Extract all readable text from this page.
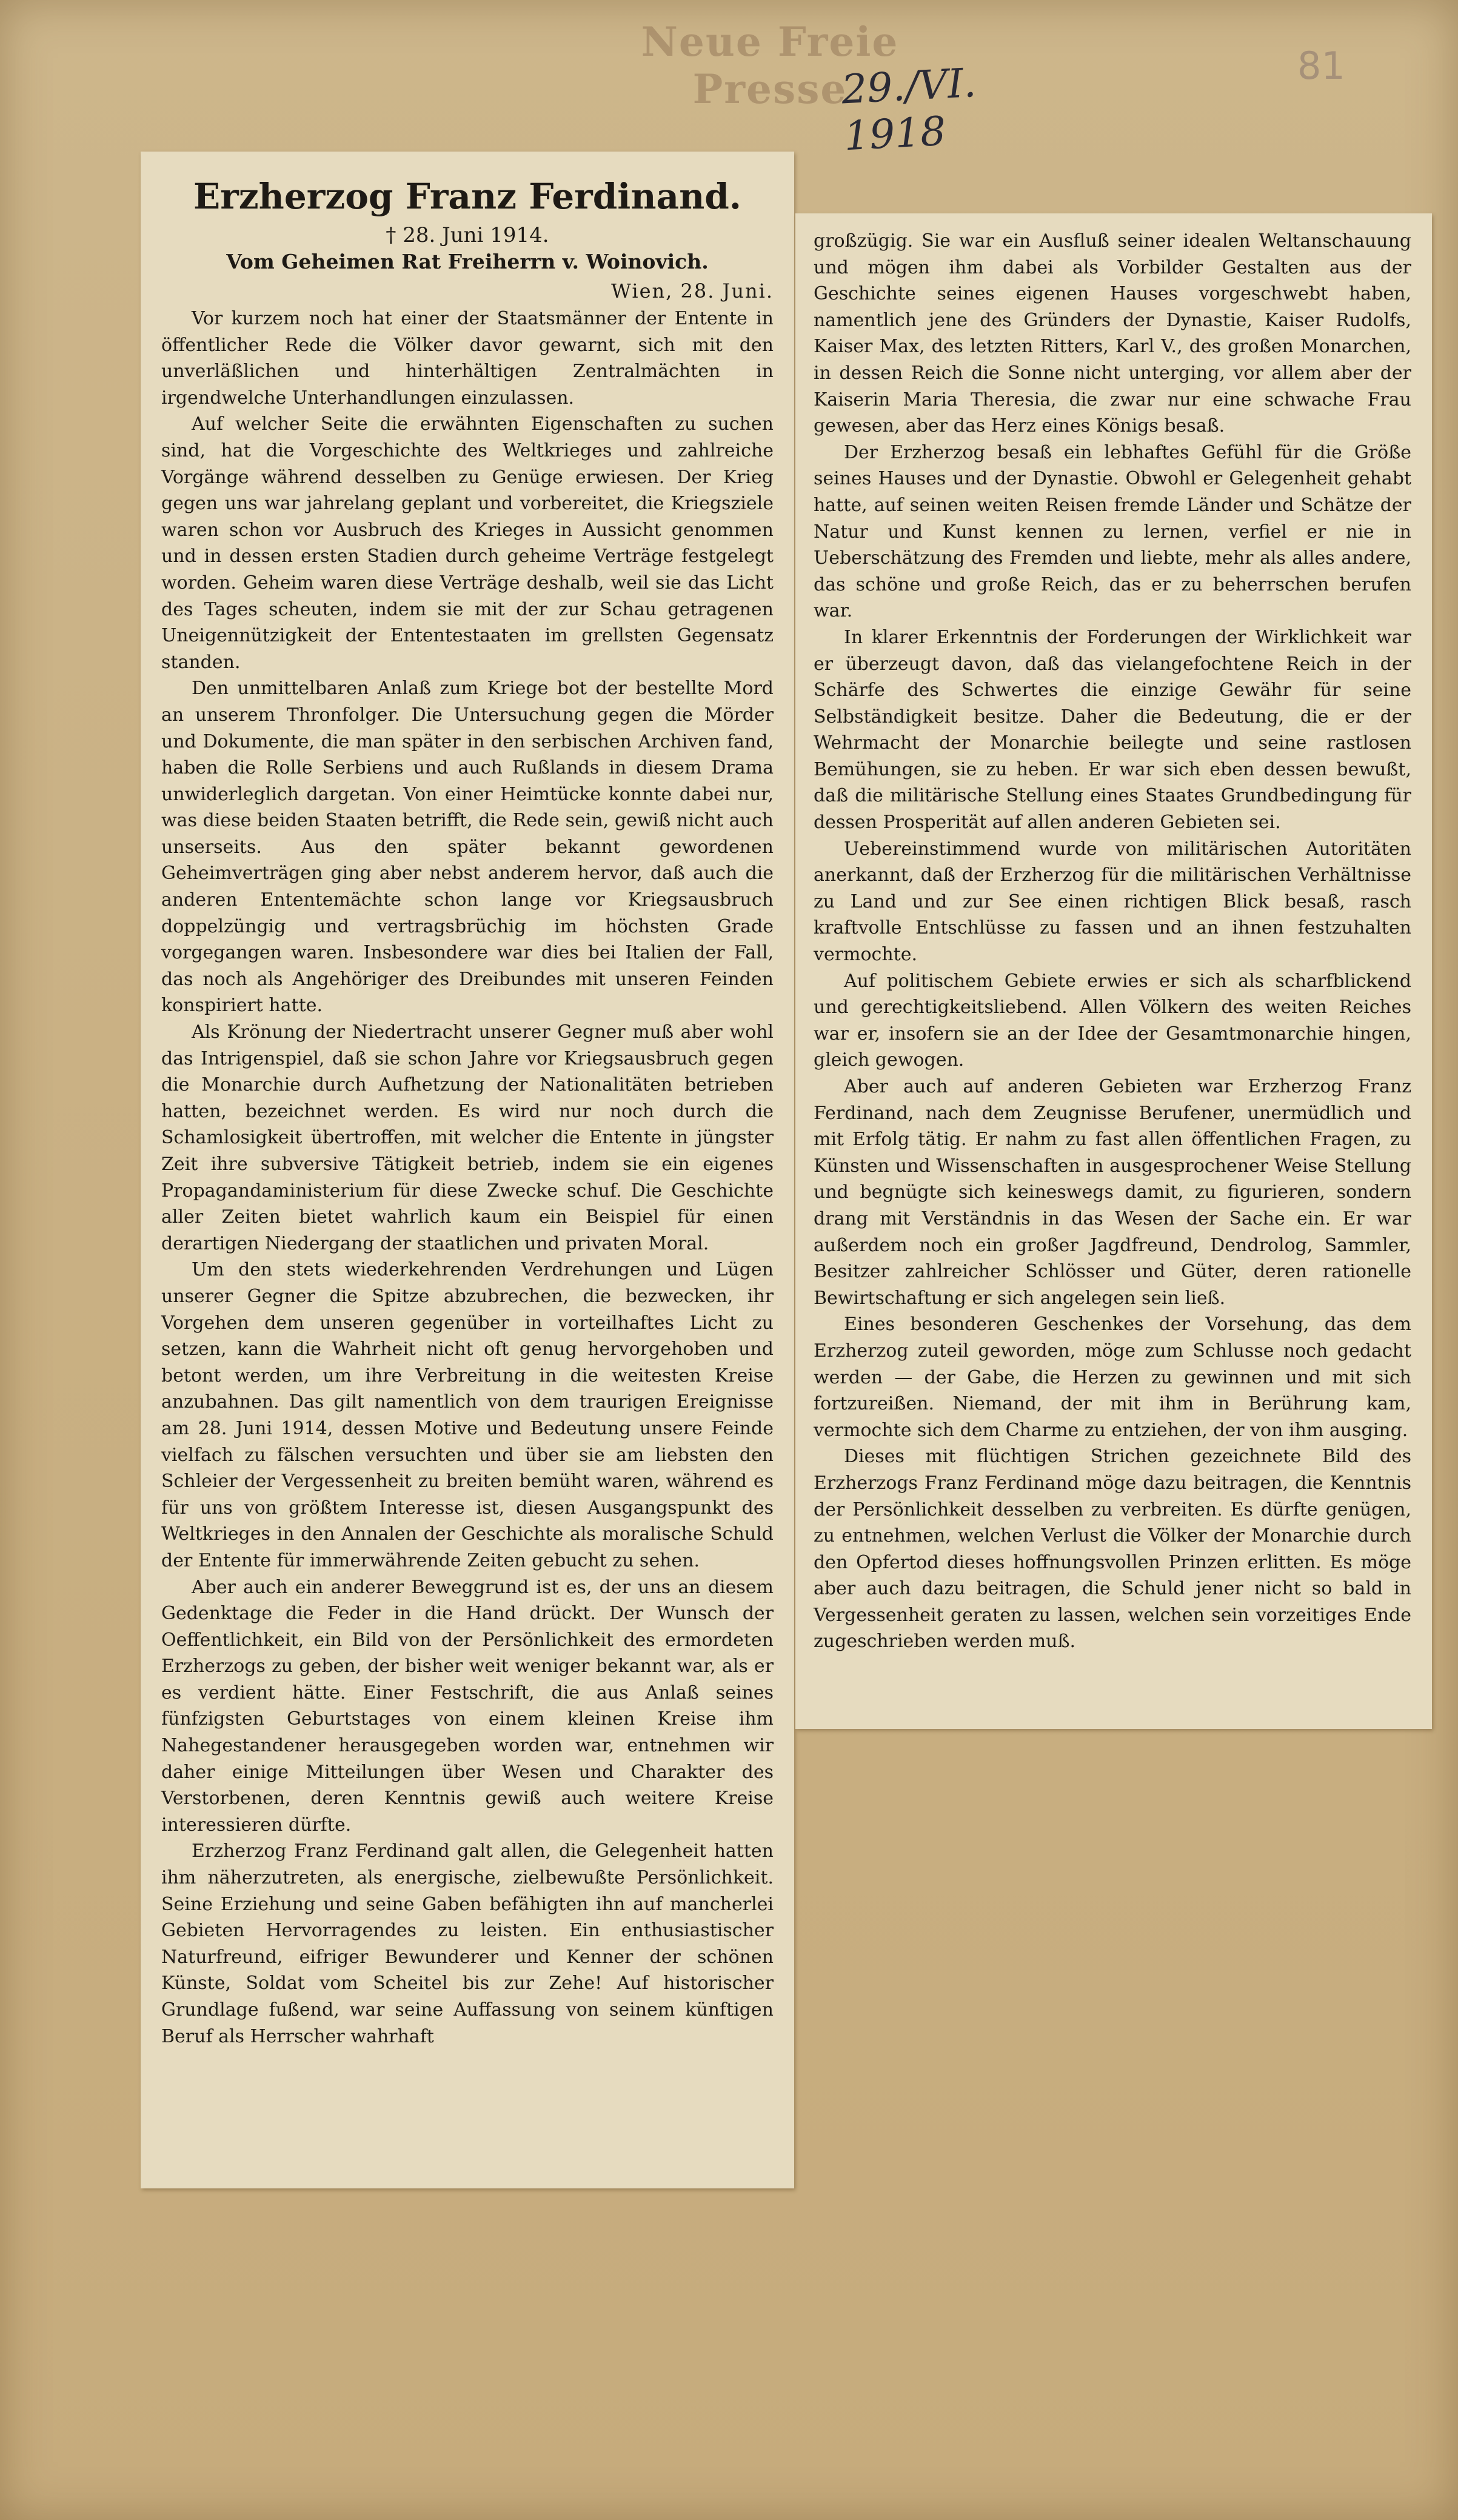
Neue Freie Presse
29./VI. 1918
81
Erzherzog Franz Ferdinand.
† 28. Juni 1914.
Vom Geheimen Rat Freiherrn v. Woinovich.
Wien, 28. Juni.

Vor kurzem noch hat einer der Staatsmänner der Entente in öffentlicher Rede die Völker davor gewarnt, sich mit den unverläßlichen und hinterhältigen Zentralmächten in irgendwelche Unterhandlungen einzulassen.

Auf welcher Seite die erwähnten Eigenschaften zu suchen sind, hat die Vorgeschichte des Weltkrieges und zahlreiche Vorgänge während desselben zu Genüge erwiesen. Der Krieg gegen uns war jahrelang geplant und vorbereitet, die Kriegsziele waren schon vor Ausbruch des Krieges in Aussicht genommen und in dessen ersten Stadien durch geheime Verträge festgelegt worden. Geheim waren diese Verträge deshalb, weil sie das Licht des Tages scheuten, indem sie mit der zur Schau getragenen Uneigennützigkeit der Ententestaaten im grellsten Gegensatz standen.

Den unmittelbaren Anlaß zum Kriege bot der bestellte Mord an unserem Thronfolger. Die Untersuchung gegen die Mörder und Dokumente, die man später in den serbischen Archiven fand, haben die Rolle Serbiens und auch Rußlands in diesem Drama unwiderleglich dargetan. Von einer Heimtücke konnte dabei nur, was diese beiden Staaten betrifft, die Rede sein, gewiß nicht auch unserseits. Aus den später bekannt gewordenen Geheimverträgen ging aber nebst anderem hervor, daß auch die anderen Ententemächte schon lange vor Kriegsausbruch doppelzüngig und vertragsbrüchig im höchsten Grade vorgegangen waren. Insbesondere war dies bei Italien der Fall, das noch als Angehöriger des Dreibundes mit unseren Feinden konspiriert hatte.

Als Krönung der Niedertracht unserer Gegner muß aber wohl das Intrigenspiel, daß sie schon Jahre vor Kriegsausbruch gegen die Monarchie durch Aufhetzung der Nationalitäten betrieben hatten, bezeichnet werden. Es wird nur noch durch die Schamlosigkeit übertroffen, mit welcher die Entente in jüngster Zeit ihre subversive Tätigkeit betrieb, indem sie ein eigenes Propagandaministerium für diese Zwecke schuf. Die Geschichte aller Zeiten bietet wahrlich kaum ein Beispiel für einen derartigen Niedergang der staatlichen und privaten Moral.

Um den stets wiederkehrenden Verdrehungen und Lügen unserer Gegner die Spitze abzubrechen, die bezwecken, ihr Vorgehen dem unseren gegenüber in vorteilhaftes Licht zu setzen, kann die Wahrheit nicht oft genug hervorgehoben und betont werden, um ihre Verbreitung in die weitesten Kreise anzubahnen. Das gilt namentlich von dem traurigen Ereignisse am 28. Juni 1914, dessen Motive und Bedeutung unsere Feinde vielfach zu fälschen versuchten und über sie am liebsten den Schleier der Vergessenheit zu breiten bemüht waren, während es für uns von größtem Interesse ist, diesen Ausgangspunkt des Weltkrieges in den Annalen der Geschichte als moralische Schuld der Entente für immerwährende Zeiten gebucht zu sehen.

Aber auch ein anderer Beweggrund ist es, der uns an diesem Gedenktage die Feder in die Hand drückt. Der Wunsch der Oeffentlichkeit, ein Bild von der Persönlichkeit des ermordeten Erzherzogs zu geben, der bisher weit weniger bekannt war, als er es verdient hätte. Einer Festschrift, die aus Anlaß seines fünfzigsten Geburtstages von einem kleinen Kreise ihm Nahegestandener herausgegeben worden war, entnehmen wir daher einige Mitteilungen über Wesen und Charakter des Verstorbenen, deren Kenntnis gewiß auch weitere Kreise interessieren dürfte.

Erzherzog Franz Ferdinand galt allen, die Gelegenheit hatten ihm näherzutreten, als energische, zielbewußte Persönlichkeit. Seine Erziehung und seine Gaben befähigten ihn auf mancherlei Gebieten Hervorragendes zu leisten. Ein enthusiastischer Naturfreund, eifriger Bewunderer und Kenner der schönen Künste, Soldat vom Scheitel bis zur Zehe! Auf historischer Grundlage fußend, war seine Auffassung von seinem künftigen Beruf als Herrscher wahrhaft

großzügig. Sie war ein Ausfluß seiner idealen Weltanschauung und mögen ihm dabei als Vorbilder Gestalten aus der Geschichte seines eigenen Hauses vorgeschwebt haben, namentlich jene des Gründers der Dynastie, Kaiser Rudolfs, Kaiser Max, des letzten Ritters, Karl V., des großen Monarchen, in dessen Reich die Sonne nicht unterging, vor allem aber der Kaiserin Maria Theresia, die zwar nur eine schwache Frau gewesen, aber das Herz eines Königs besaß.

Der Erzherzog besaß ein lebhaftes Gefühl für die Größe seines Hauses und der Dynastie. Obwohl er Gelegenheit gehabt hatte, auf seinen weiten Reisen fremde Länder und Schätze der Natur und Kunst kennen zu lernen, verfiel er nie in Ueberschätzung des Fremden und liebte, mehr als alles andere, das schöne und große Reich, das er zu beherrschen berufen war.

In klarer Erkenntnis der Forderungen der Wirklichkeit war er überzeugt davon, daß das vielangefochtene Reich in der Schärfe des Schwertes die einzige Gewähr für seine Selbständigkeit besitze. Daher die Bedeutung, die er der Wehrmacht der Monarchie beilegte und seine rastlosen Bemühungen, sie zu heben. Er war sich eben dessen bewußt, daß die militärische Stellung eines Staates Grundbedingung für dessen Prosperität auf allen anderen Gebieten sei.

Uebereinstimmend wurde von militärischen Autoritäten anerkannt, daß der Erzherzog für die militärischen Verhältnisse zu Land und zur See einen richtigen Blick besaß, rasch kraftvolle Entschlüsse zu fassen und an ihnen festzuhalten vermochte.

Auf politischem Gebiete erwies er sich als scharfblickend und gerechtigkeitsliebend. Allen Völkern des weiten Reiches war er, insofern sie an der Idee der Gesamtmonarchie hingen, gleich gewogen.

Aber auch auf anderen Gebieten war Erzherzog Franz Ferdinand, nach dem Zeugnisse Berufener, unermüdlich und mit Erfolg tätig. Er nahm zu fast allen öffentlichen Fragen, zu Künsten und Wissenschaften in ausgesprochener Weise Stellung und begnügte sich keineswegs damit, zu figurieren, sondern drang mit Verständnis in das Wesen der Sache ein. Er war außerdem noch ein großer Jagdfreund, Dendrolog, Sammler, Besitzer zahlreicher Schlösser und Güter, deren rationelle Bewirtschaftung er sich angelegen sein ließ.

Eines besonderen Geschenkes der Vorsehung, das dem Erzherzog zuteil geworden, möge zum Schlusse noch gedacht werden — der Gabe, die Herzen zu gewinnen und mit sich fortzureißen. Niemand, der mit ihm in Berührung kam, vermochte sich dem Charme zu entziehen, der von ihm ausging.

Dieses mit flüchtigen Strichen gezeichnete Bild des Erzherzogs Franz Ferdinand möge dazu beitragen, die Kenntnis der Persönlichkeit desselben zu verbreiten. Es dürfte genügen, zu entnehmen, welchen Verlust die Völker der Monarchie durch den Opfertod dieses hoffnungsvollen Prinzen erlitten. Es möge aber auch dazu beitragen, die Schuld jener nicht so bald in Vergessenheit geraten zu lassen, welchen sein vorzeitiges Ende zugeschrieben werden muß.
